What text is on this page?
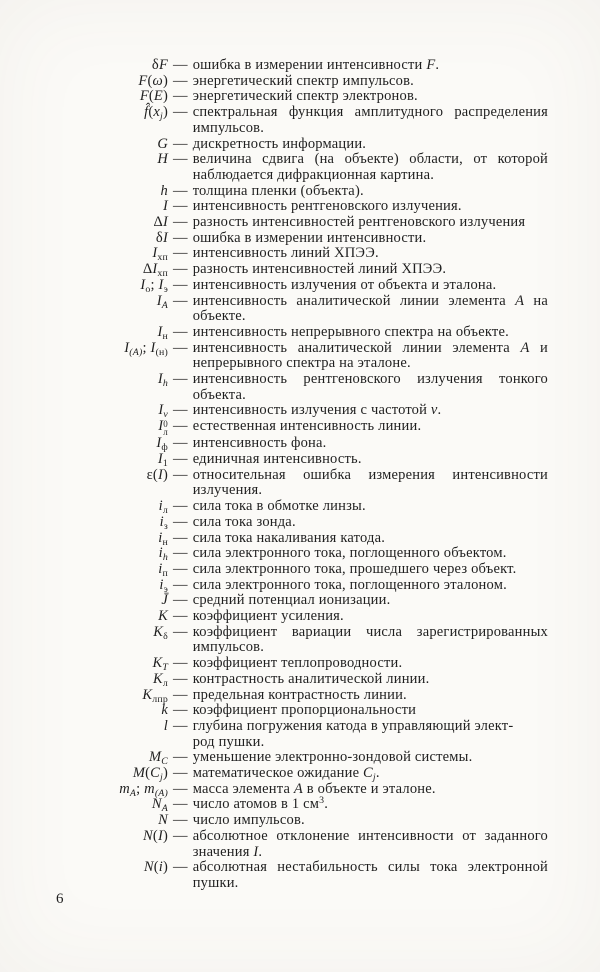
δF — ошибка в измерении интенсивности F.
F(ω) — энергетический спектр импульсов.
F(E) — энергетический спектр электронов.
$f̂(x_j)$ — спектральная функция амплитудного распределения импульсов.
G — дискретность информации.
H — величина сдвига (на объекте) области, от которой наблюдается дифракционная картина.
h — толщина пленки (объекта).
I — интенсивность рентгеновского излучения.
ΔI — разность интенсивностей рентгеновского излучения
δI — ошибка в измерении интенсивности.
$I_{хп}$ — интенсивность линий ХПЭЭ.
$\Delta I_{хп}$ — разность интенсивностей линий ХПЭЭ.
$I_о$; $I_э$ — интенсивность излучения от объекта и эталона.
$I_A$ — интенсивность аналитической линии элемента A на объекте.
$I_н$ — интенсивность непрерывного спектра на объекте.
$I_{(A)}$; $I_{(н)}$ — интенсивность аналитической линии элемента A и непрерывного спектра на эталоне.
$I_h$ — интенсивность рентгеновского излучения тонкого объекта.
$I_\nu$ — интенсивность излучения с частотой ν.
I 0
л — естественная интенсивность линии.
$I_ф$ — интенсивность фона.
$I_1$ — единичная интенсивность.
ε(I) — относительная ошибка измерения интенсивности излучения.
$i_л$ — сила тока в обмотке линзы.
$i_з$ — сила тока зонда.
$i_н$ — сила тока накаливания катода.
$i_h$ — сила электронного тока, поглощенного объектом.
$i_п$ — сила электронного тока, прошедшего через объект.
$i_э$ — сила электронного тока, поглощенного эталоном.
J̄ — средний потенциал ионизации.
K — коэффициент усиления.
$K_\delta$ — коэффициент вариации числа зарегистрированных импульсов.
$K_T$ — коэффициент теплопроводности.
$K_л$ — контрастность аналитической линии.
$K_{лпр}$ — предельная контрастность линии.
k — коэффициент пропорциональности
l — глубина погружения катода в управляющий элект-
род пушки.
$M_C$ — уменьшение электронно-зондовой системы.
$M(C_j)$ — математическое ожидание $C_j$.
$m_A$; $m_{(A)}$ — масса элемента A в объекте и эталоне.
$N_A$ — число атомов в 1 $см^3$.
N — число импульсов.
N(I) — абсолютное отклонение интенсивности от заданного значения I.
N(i) — абсолютная нестабильность силы тока электронной пушки.
6
